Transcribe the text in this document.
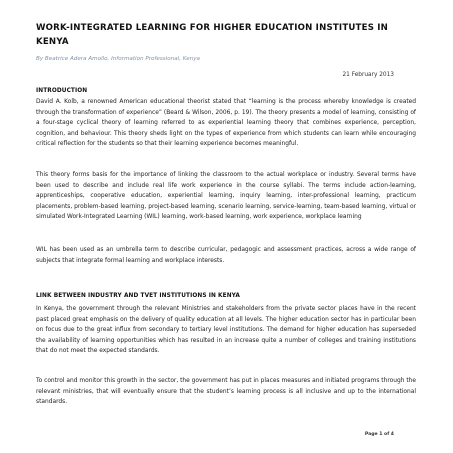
WORK-INTEGRATED LEARNING FOR HIGHER EDUCATION INSTITUTES IN KENYA
By Beatrice Adera Amollo, Information Professional, Kenya
21 February 2013
INTRODUCTION

David A. Kolb, a renowned American educational theorist stated that “learning is the process whereby knowledge is created through the transformation of experience” (Beard & Wilson, 2006, p. 19). The theory presents a model of learning, consisting of a four-stage cyclical theory of learning referred to as experiential learning theory that combines experience, perception, cognition, and behaviour. This theory sheds light on the types of experience from which students can learn while encouraging critical reflection for the students so that their learning experience becomes meaningful.

This theory forms basis for the importance of linking the classroom to the actual workplace or industry. Several terms have been used to describe and include real life work experience in the course syllabi. The terms include action-learning, apprenticeships, cooperative education, experiential learning, inquiry learning, inter-professional learning, practicum placements, problem-based learning, project-based learning, scenario learning, service-learning, team-based learning, virtual or simulated Work-Integrated Learning (WIL) learning, work-based learning, work experience, workplace learning

WIL has been used as an umbrella term to describe curricular, pedagogic and assessment practices, across a wide range of subjects that integrate formal learning and workplace interests.

LINK BETWEEN INDUSTRY AND TVET INSTITUTIONS IN KENYA

In Kenya, the government through the relevant Ministries and stakeholders from the private sector places have in the recent past placed great emphasis on the delivery of quality education at all levels. The higher education sector has in particular been on focus due to the great influx from secondary to tertiary level institutions. The demand for higher education has superseded the availability of learning opportunities which has resulted in an increase quite a number of colleges and training institutions that do not meet the expected standards.

To control and monitor this growth in the sector, the government has put in places measures and initiated programs through the relevant ministries, that will eventually ensure that the student’s learning process is all inclusive and up to the international standards.

Page 1 of 4
